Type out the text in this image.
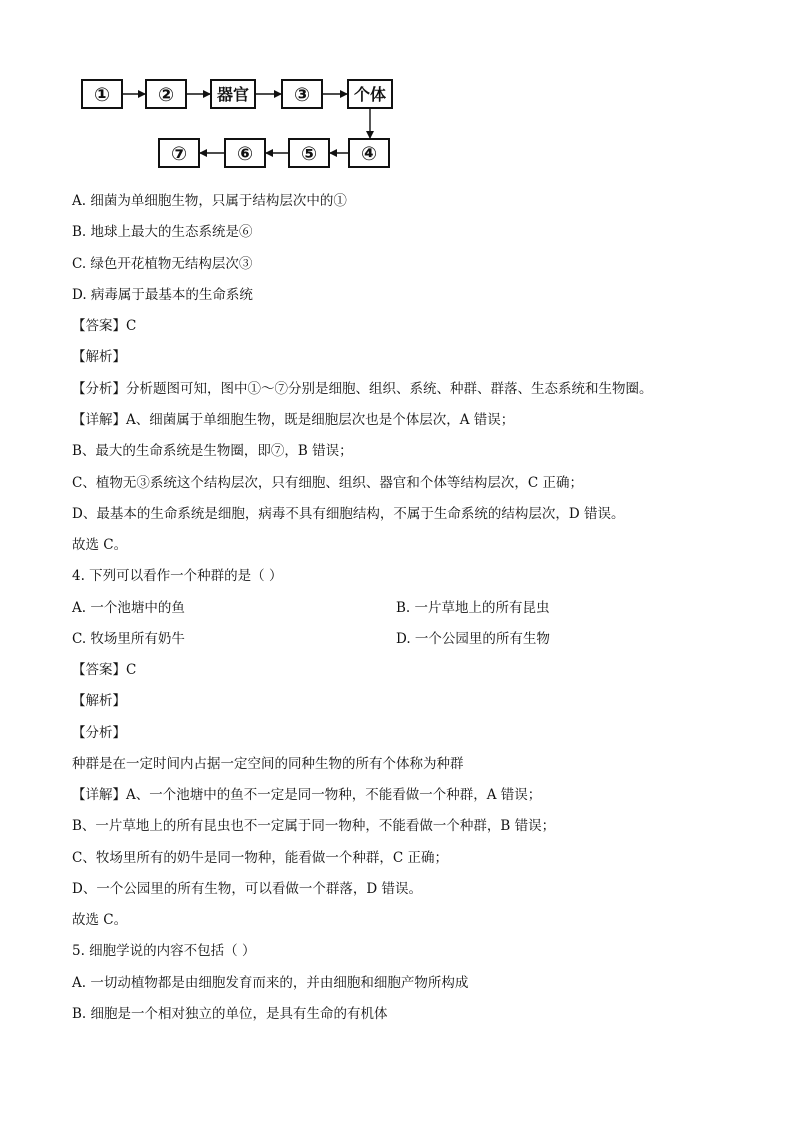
①	②	器官 ③	个体
④
⑤
⑥
⑦
A. 细菌为单细胞生物，只属于结构层次中的①
B. 地球上最大的生态系统是⑥
C. 绿色开花植物无结构层次③
D. 病毒属于最基本的生命系统
【答案】C
【解析】
【分析】分析题图可知，图中①～⑦分别是细胞、组织、系统、种群、群落、生态系统和生物圈。
【详解】A、细菌属于单细胞生物，既是细胞层次也是个体层次，A 错误；
B、最大的生命系统是生物圈，即⑦，B 错误；
C、植物无③系统这个结构层次，只有细胞、组织、器官和个体等结构层次，C 正确；
D、最基本的生命系统是细胞，病毒不具有细胞结构，不属于生命系统的结构层次，D 错误。
故选 C。
4. 下列可以看作一个种群的是（ ）
A. 一个池塘中的鱼	B. 一片草地上的所有昆虫
C. 牧场里所有奶牛	D. 一个公园里的所有生物
【答案】C
【解析】
【分析】
种群是在一定时间内占据一定空间的同种生物的所有个体称为种群
【详解】A、一个池塘中的鱼不一定是同一物种，不能看做一个种群，A 错误；
B、一片草地上的所有昆虫也不一定属于同一物种，不能看做一个种群，B 错误；
C、牧场里所有的奶牛是同一物种，能看做一个种群，C 正确；
D、一个公园里的所有生物，可以看做一个群落，D 错误。
故选 C。
5. 细胞学说的内容不包括（ ）
A. 一切动植物都是由细胞发育而来的，并由细胞和细胞产物所构成
B. 细胞是一个相对独立的单位，是具有生命的有机体
